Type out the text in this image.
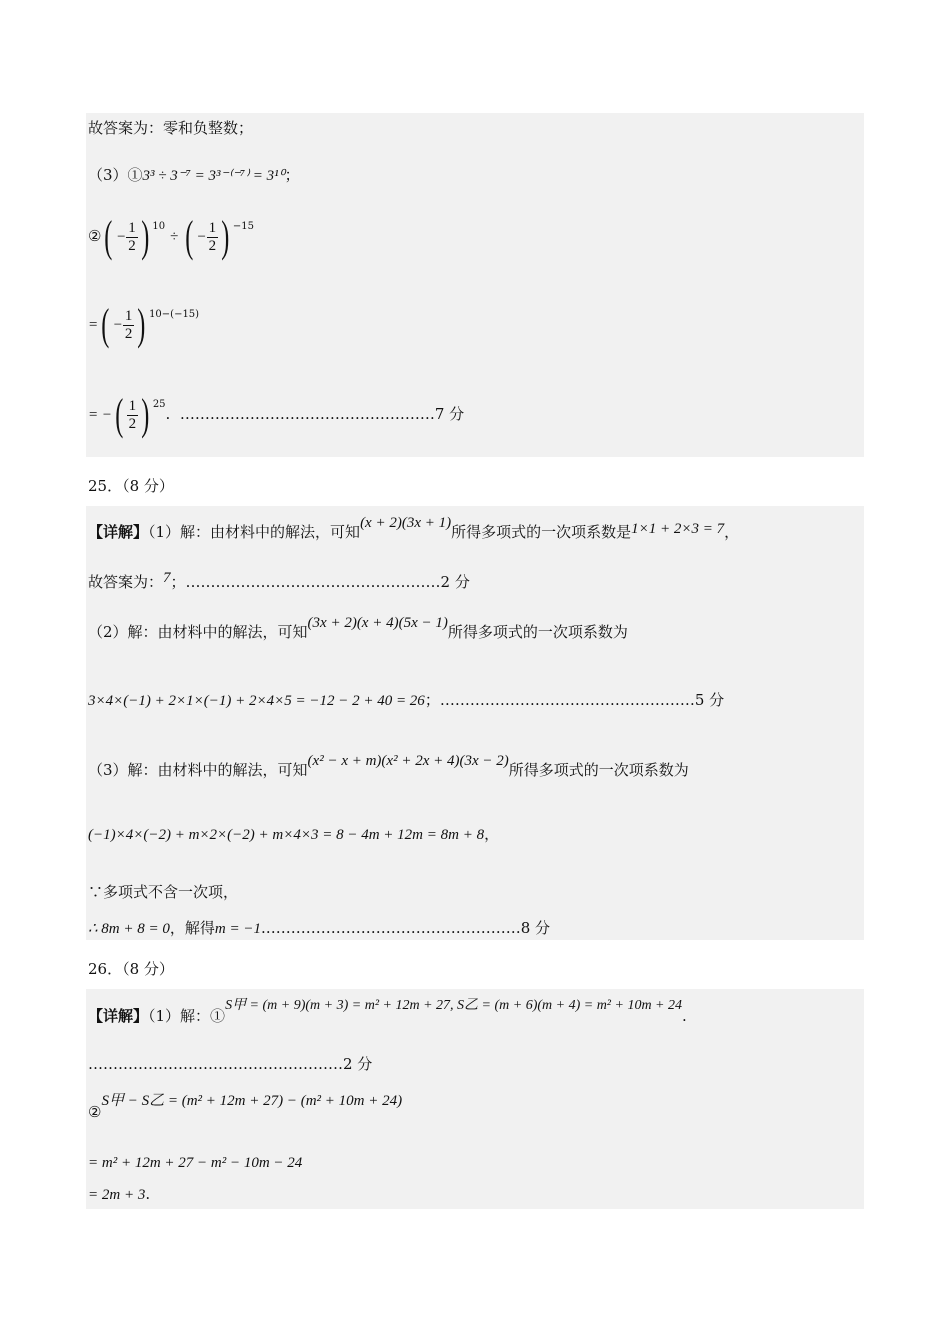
故答案为：零和负整数；
（3）①3³ ÷ 3⁻⁷ = 3³⁻⁽⁻⁷⁾ = 3¹⁰；
②( − $\frac{1}{2}$ ) $^{10}$ ÷ ( − $\frac{1}{2}$ ) $^{-15}$
=( − $\frac{1}{2}$ ) $^{10-(-15)}$
= −( $\frac{1}{2}$ ) $^{25}$. ……………………………………………7 分
25．（8 分）
【详解】（1）解：由材料中的解法，可知(x + 2)(3x + 1)所得多项式的一次项系数是1×1 + 2×3 = 7，
故答案为：7；……………………………………………2 分
（2）解：由材料中的解法，可知(3x + 2)(x + 4)(5x − 1)所得多项式的一次项系数为
3×4×(−1) + 2×1×(−1) + 2×4×5 = −12 − 2 + 40 = 26；……………………………………………5 分
（3）解：由材料中的解法，可知(x² − x + m)(x² + 2x + 4)(3x − 2)所得多项式的一次项系数为
(−1)×4×(−2) + m×2×(−2) + m×4×3 = 8 − 4m + 12m = 8m + 8，
∵多项式不含一次项，
∴ 8m + 8 = 0，解得m = −1.……………………………………………8 分
26．（8 分）
【详解】（1）解：①S甲 = (m + 9)(m + 3) = m² + 12m + 27, S乙 = (m + 6)(m + 4) = m² + 10m + 24.
……………………………………………2 分
②S甲 − S乙 = (m² + 12m + 27) − (m² + 10m + 24)
= m² + 12m + 27 − m² − 10m − 24
= 2m + 3.
